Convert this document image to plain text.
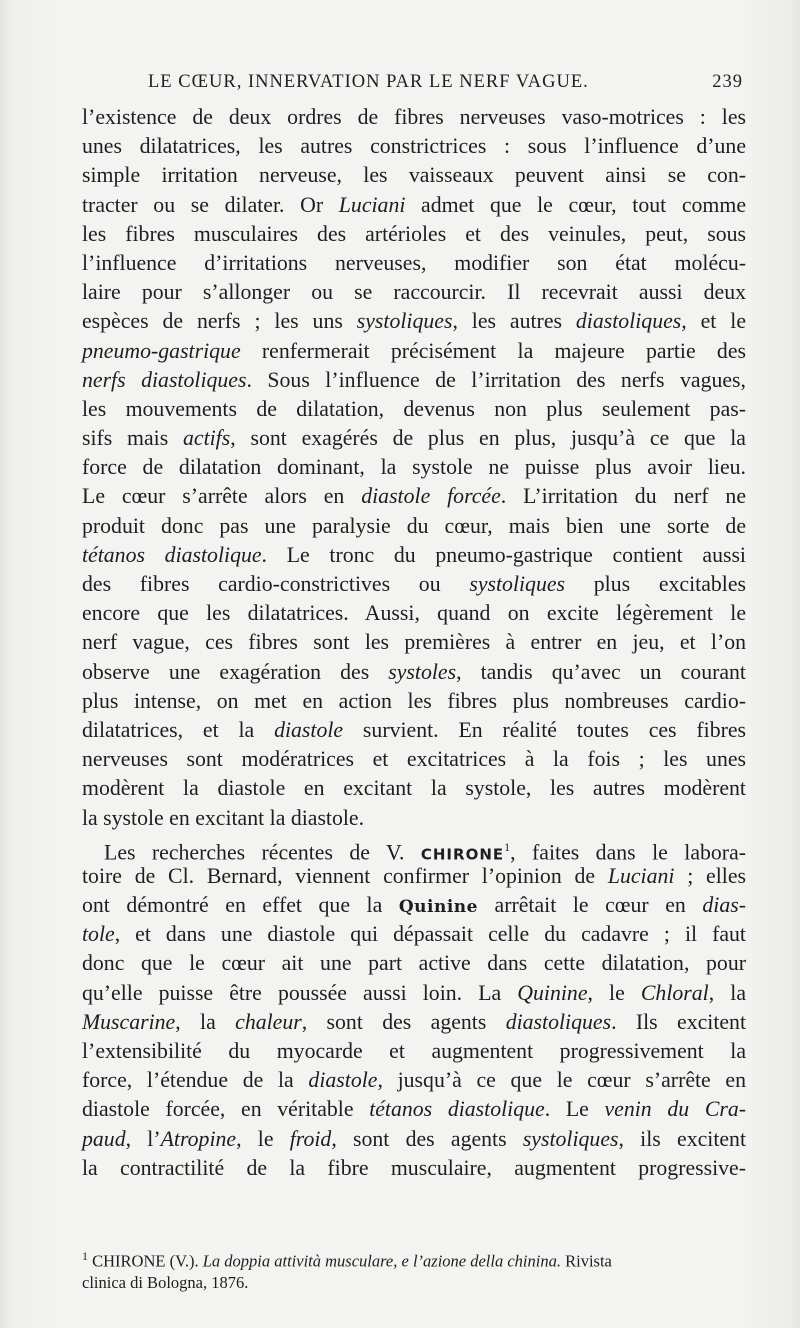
LE CŒUR, INNERVATION PAR LE NERF VAGUE.	239
l’existence de deux ordres de fibres nerveuses vaso-motrices : les
unes dilatatrices, les autres constrictrices : sous l’influence d’une
simple irritation nerveuse, les vaisseaux peuvent ainsi se con-
tracter ou se dilater. Or Luciani admet que le cœur, tout comme
les fibres musculaires des artérioles et des veinules, peut, sous
l’influence d’irritations nerveuses, modifier son état molécu-
laire pour s’allonger ou se raccourcir. Il recevrait aussi deux
espèces de nerfs ; les uns systoliques, les autres diastoliques, et le
pneumo-gastrique renfermerait précisément la majeure partie des
nerfs diastoliques. Sous l’influence de l’irritation des nerfs vagues,
les mouvements de dilatation, devenus non plus seulement pas-
sifs mais actifs, sont exagérés de plus en plus, jusqu’à ce que la
force de dilatation dominant, la systole ne puisse plus avoir lieu.
Le cœur s’arrête alors en diastole forcée. L’irritation du nerf ne
produit donc pas une paralysie du cœur, mais bien une sorte de
tétanos diastolique. Le tronc du pneumo-gastrique contient aussi
des fibres cardio-constrictives ou systoliques plus excitables
encore que les dilatatrices. Aussi, quand on excite légèrement le
nerf vague, ces fibres sont les premières à entrer en jeu, et l’on
observe une exagération des systoles, tandis qu’avec un courant
plus intense, on met en action les fibres plus nombreuses cardio-
dilatatrices, et la diastole survient. En réalité toutes ces fibres
nerveuses sont modératrices et excitatrices à la fois ; les unes
modèrent la diastole en excitant la systole, les autres modèrent
la systole en excitant la diastole.
Les recherches récentes de V. CHIRONE$^1$, faites dans le labora-
toire de Cl. Bernard, viennent confirmer l’opinion de Luciani ; elles
ont démontré en effet que la Quinine arrêtait le cœur en dias-
tole, et dans une diastole qui dépassait celle du cadavre ; il faut
donc que le cœur ait une part active dans cette dilatation, pour
qu’elle puisse être poussée aussi loin. La Quinine, le Chloral, la
Muscarine, la chaleur, sont des agents diastoliques. Ils excitent
l’extensibilité du myocarde et augmentent progressivement la
force, l’étendue de la diastole, jusqu’à ce que le cœur s’arrête en
diastole forcée, en véritable tétanos diastolique. Le venin du Cra-
paud, l’Atropine, le froid, sont des agents systoliques, ils excitent
la contractilité de la fibre musculaire, augmentent progressive-
$^1$ CHIRONE (V.). La doppia attività musculare, e l’azione della chinina. Rivista
clinica di Bologna, 1876.
